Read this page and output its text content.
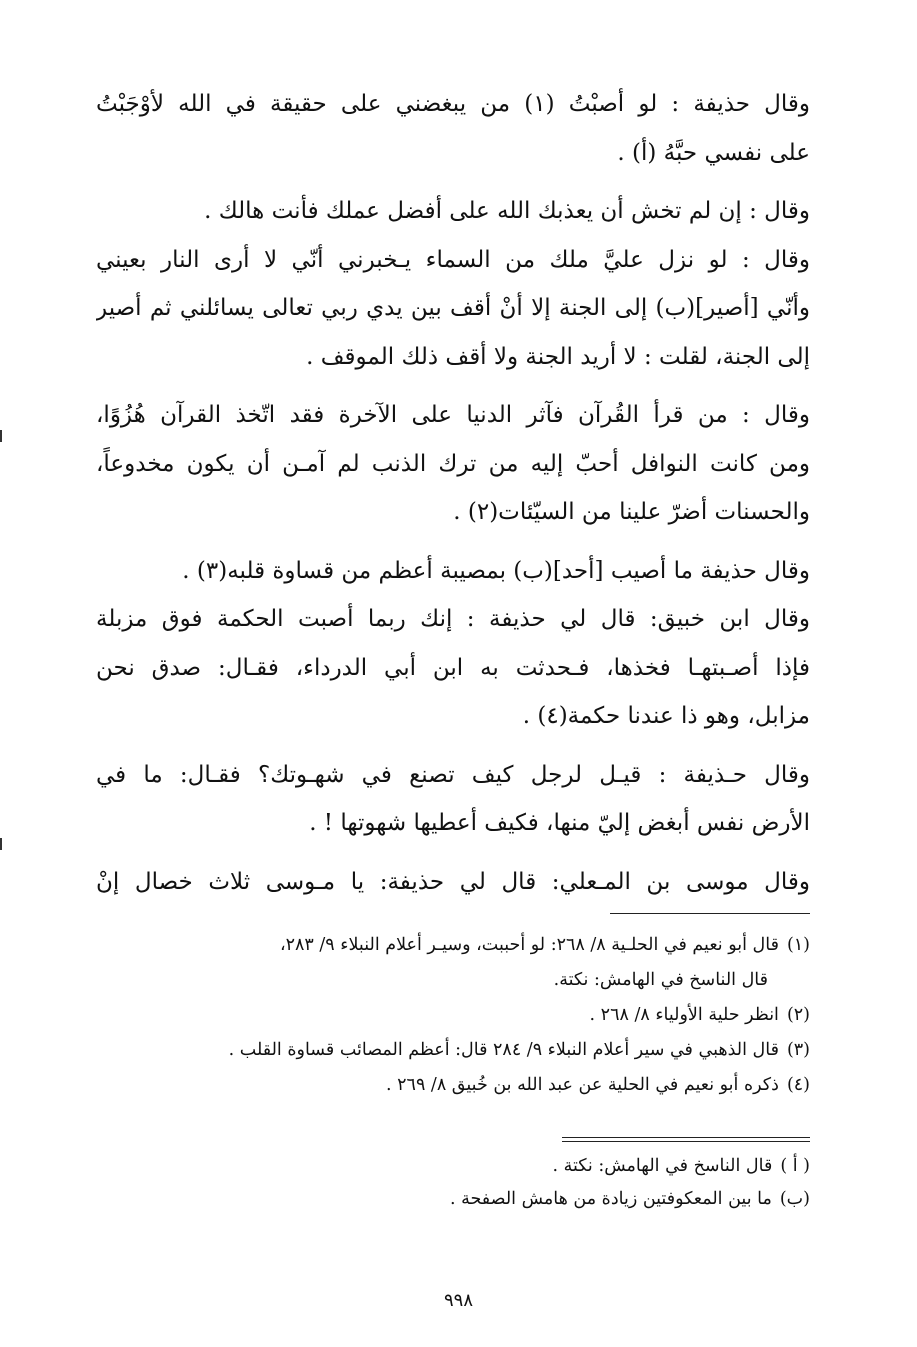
وقال حذيفة : لو أصبْتُ (١) من يبغضني على حقيقة في الله لأوْجَبْتُ
على نفسي حبَّهُ (أ) .

وقال : إن لم تخش أن يعذبك الله على أفضل عملك فأنت هالك .

وقال : لو نزل عليَّ ملك من السماء يـخبرني أنّي لا أرى النار بعيني
وأنّي [أصير](ب) إلى الجنة إلا أنْ أقف بين يدي ربي تعالى يسائلني ثم أصير
إلى الجنة، لقلت : لا أريد الجنة ولا أقف ذلك الموقف .

وقال : من قرأ القُرآن فآثر الدنيا على الآخرة فقد اتّخذ القرآن هُزُوًا،
ومن كانت النوافل أحبّ إليه من ترك الذنب لم آمـن أن يكون مخدوعاً،
والحسنات أضرّ علينا من السيّئات(٢) .

وقال حذيفة ما أصيب [أحد](ب) بمصيبة أعظم من قساوة قلبه(٣) .

وقال ابن خبيق: قال لي حذيفة : إنك ربما أصبت الحكمة فوق مزبلة
فإذا أصـبتهـا فخذها، فـحدثت به ابن أبي الدرداء، فقـال: صدق نحن
مزابل، وهو ذا عندنا حكمة(٤) .

وقال حـذيفة : قيـل لرجل كيف تصنع في شهـوتك؟ فقـال: ما في
الأرض نفس أبغض إليّ منها، فكيف أعطيها شهوتها ! .

وقال موسى بن المـعلي: قال لي حذيفة: يا مـوسى ثلاث خصال إنْ

(١)قال أبو نعيم في الحلـية ٨/ ٢٦٨: لو أحببت، وسيـر أعلام النبلاء ٩/ ٢٨٣،
قال الناسخ في الهامش: نكتة.
(٢)انظر حلية الأولياء ٨/ ٢٦٨ .
(٣)قال الذهبي في سير أعلام النبلاء ٩/ ٢٨٤ قال: أعظم المصائب قساوة القلب .
(٤)ذكره أبو نعيم في الحلية عن عبد الله بن خُبيق ٨/ ٢٦٩ .
( أ )قال الناسخ في الهامش: نكتة .
(ب)ما بين المعكوفتين زيادة من هامش الصفحة .
٩٩٨
